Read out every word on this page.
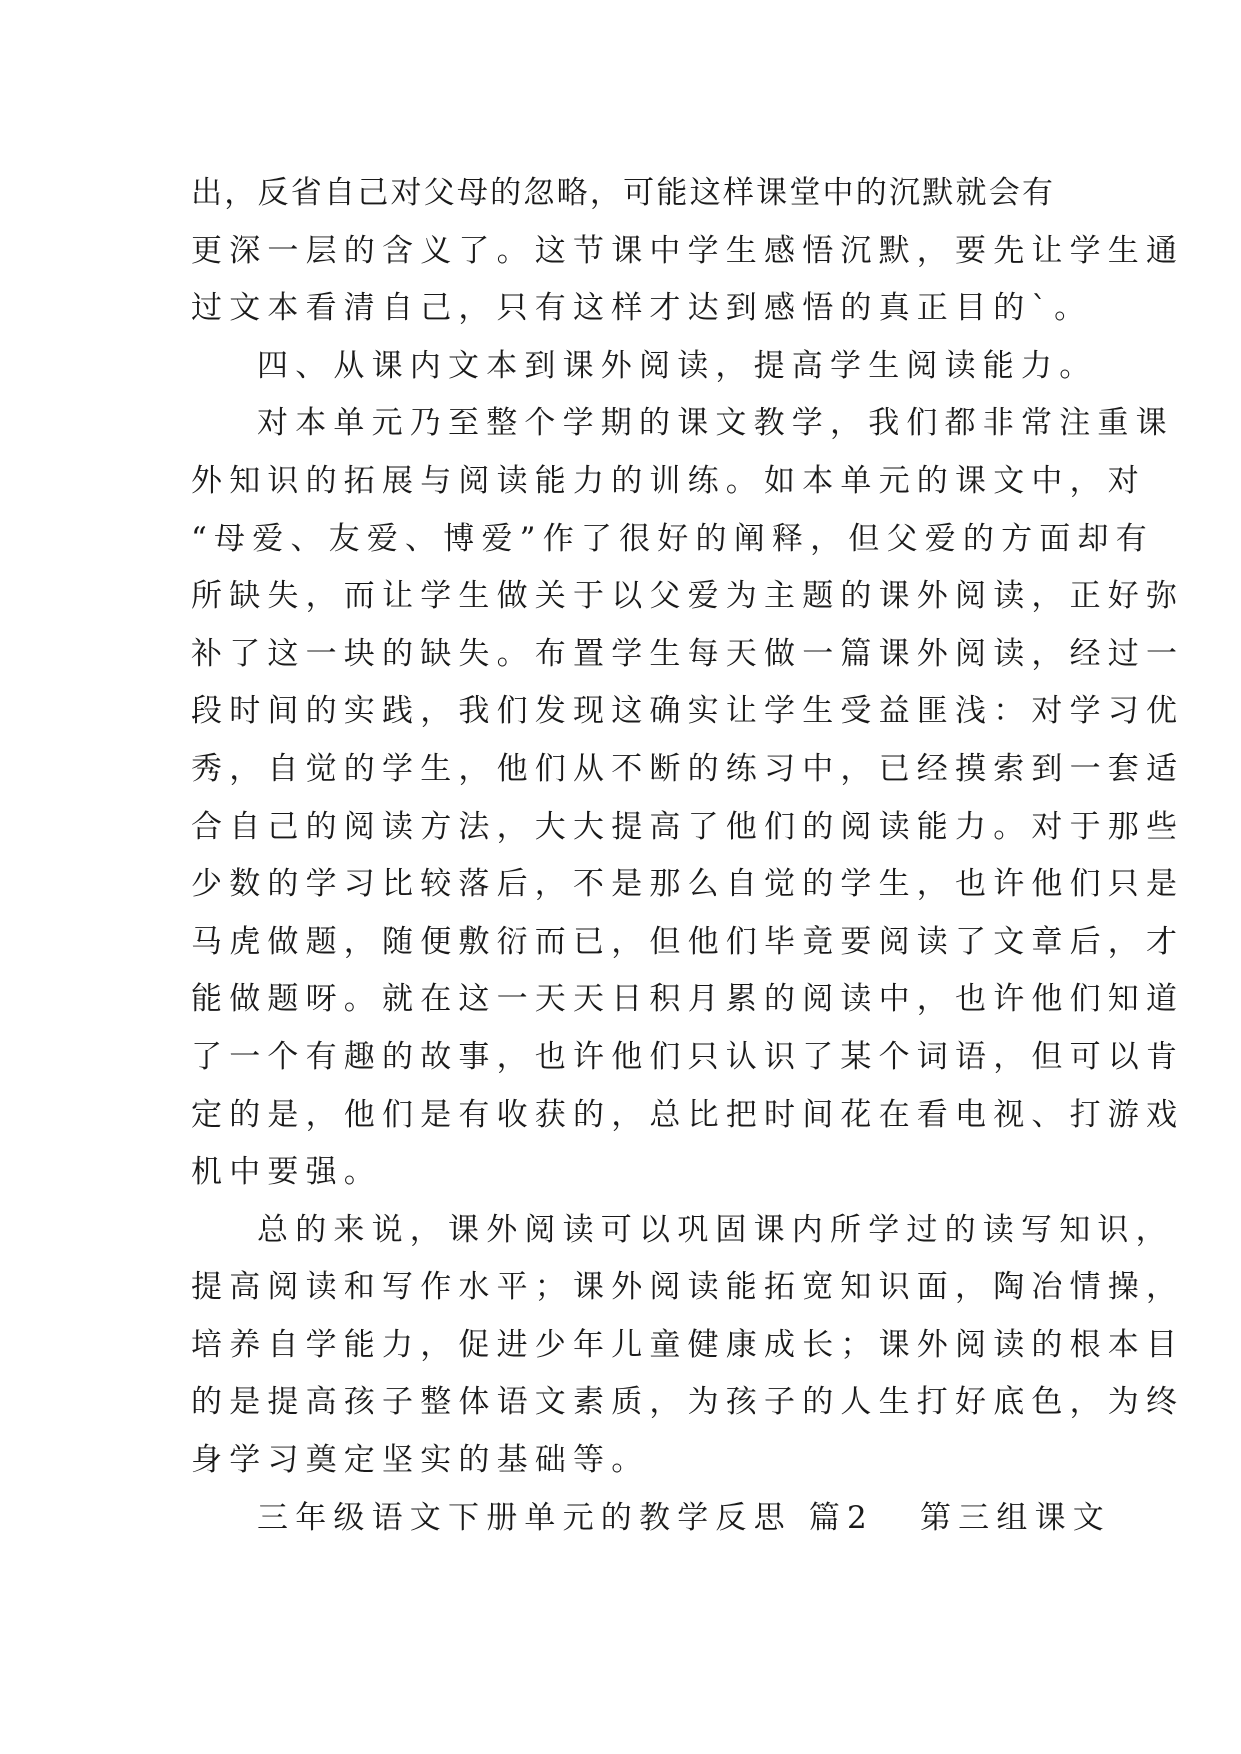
出，反省自己对父母的忽略，可能这样课堂中的沉默就会有
更深一层的含义了。这节课中学生感悟沉默，要先让学生通
过文本看清自己，只有这样才达到感悟的真正目的`。
四、从课内文本到课外阅读，提高学生阅读能力。
对本单元乃至整个学期的课文教学，我们都非常注重课
外知识的拓展与阅读能力的训练。如本单元的课文中，对
“母爱、友爱、博爱”作了很好的阐释，但父爱的方面却有
所缺失，而让学生做关于以父爱为主题的课外阅读，正好弥
补了这一块的缺失。布置学生每天做一篇课外阅读，经过一
段时间的实践，我们发现这确实让学生受益匪浅：对学习优
秀，自觉的学生，他们从不断的练习中，已经摸索到一套适
合自己的阅读方法，大大提高了他们的阅读能力。对于那些
少数的学习比较落后，不是那么自觉的学生，也许他们只是
马虎做题，随便敷衍而已，但他们毕竟要阅读了文章后，才
能做题呀。就在这一天天日积月累的阅读中，也许他们知道
了一个有趣的故事，也许他们只认识了某个词语，但可以肯
定的是，他们是有收获的，总比把时间花在看电视、打游戏
机中要强。
总的来说，课外阅读可以巩固课内所学过的读写知识，
提高阅读和写作水平；课外阅读能拓宽知识面，陶冶情操，
培养自学能力，促进少年儿童健康成长；课外阅读的根本目
的是提高孩子整体语文素质，为孩子的人生打好底色，为终
身学习奠定坚实的基础等。
三年级语文下册单元的教学反思 篇2 第三组课文
